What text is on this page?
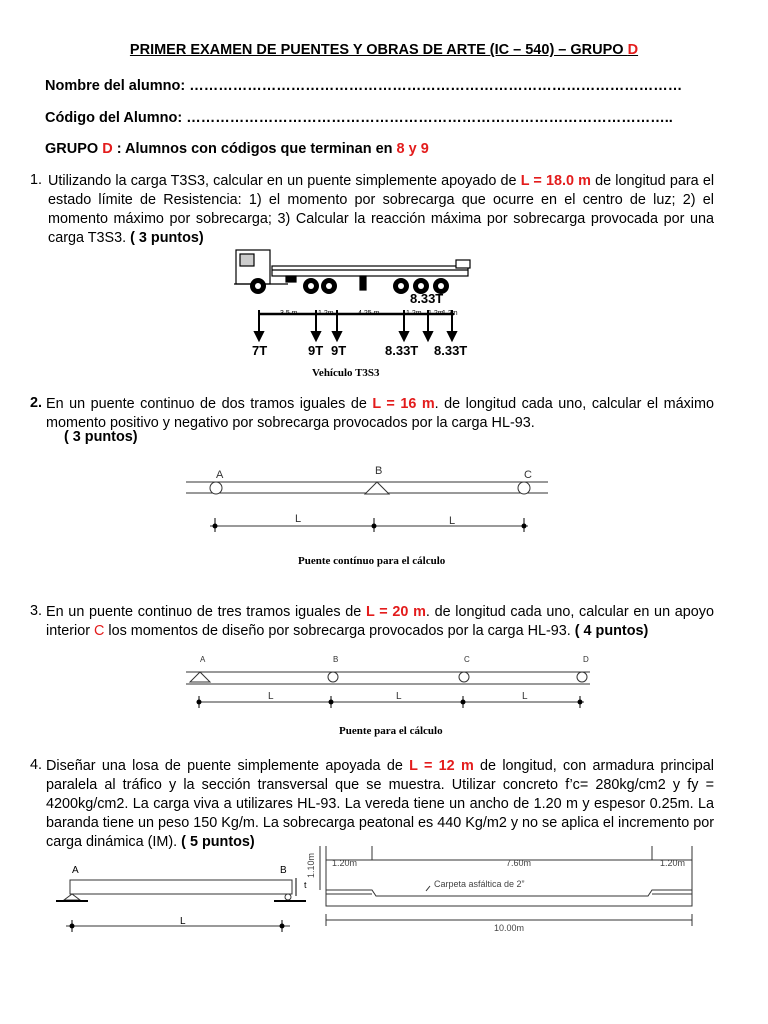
PRIMER EXAMEN DE PUENTES Y OBRAS DE ARTE (IC – 540) – GRUPO D
Nombre del alumno: …………………………………………………………………………………………
Código del Alumno: ………………………………………………………………………………………..
GRUPO D : Alumnos con códigos que terminan en 8 y 9
1. Utilizando la carga T3S3, calcular en un puente simplemente apoyado de L = 18.0 m de longitud para el estado límite de Resistencia: 1) el momento por sobrecarga que ocurre en el centro de luz; 2) el momento máximo por sobrecarga; 3) Calcular la reacción máxima por sobrecarga provocada por una carga T3S3. ( 3 puntos)
8.33T
3.5 m	1.2m	4.25 m	1.2m 1.2m
1.2m
7T	9T 9T	8.33T 8.33T
Vehículo T3S3
2. En un puente continuo de dos tramos iguales de L = 16 m. de longitud cada uno, calcular el máximo momento positivo y negativo por sobrecarga provocados por la carga HL-93.
( 3 puntos)
A	B	C
L	L
Puente contínuo para el cálculo
3. En un puente continuo de tres tramos iguales de L = 20 m. de longitud cada uno, calcular en un apoyo interior C los momentos de diseño por sobrecarga provocados por la carga HL-93. ( 4 puntos)
A	B	C	D
L	L	L
Puente para el cálculo
4. Diseñar una losa de puente simplemente apoyada de L = 12 m de longitud, con armadura principal paralela al tráfico y la sección transversal que se muestra. Utilizar concreto f’c= 280kg/cm2 y fy = 4200kg/cm2. La carga viva a utilizares HL-93. La vereda tiene un ancho de 1.20 m y espesor 0.25m. La baranda tiene un peso 150 Kg/m. La sobrecarga peatonal es 440 Kg/m2 y no se aplica el incremento por carga dinámica (IM). ( 5 puntos)
A	B
t
L
1.10m 1.20m	7.60m	1.20m
Carpeta asfáltica de 2”
10.00m
